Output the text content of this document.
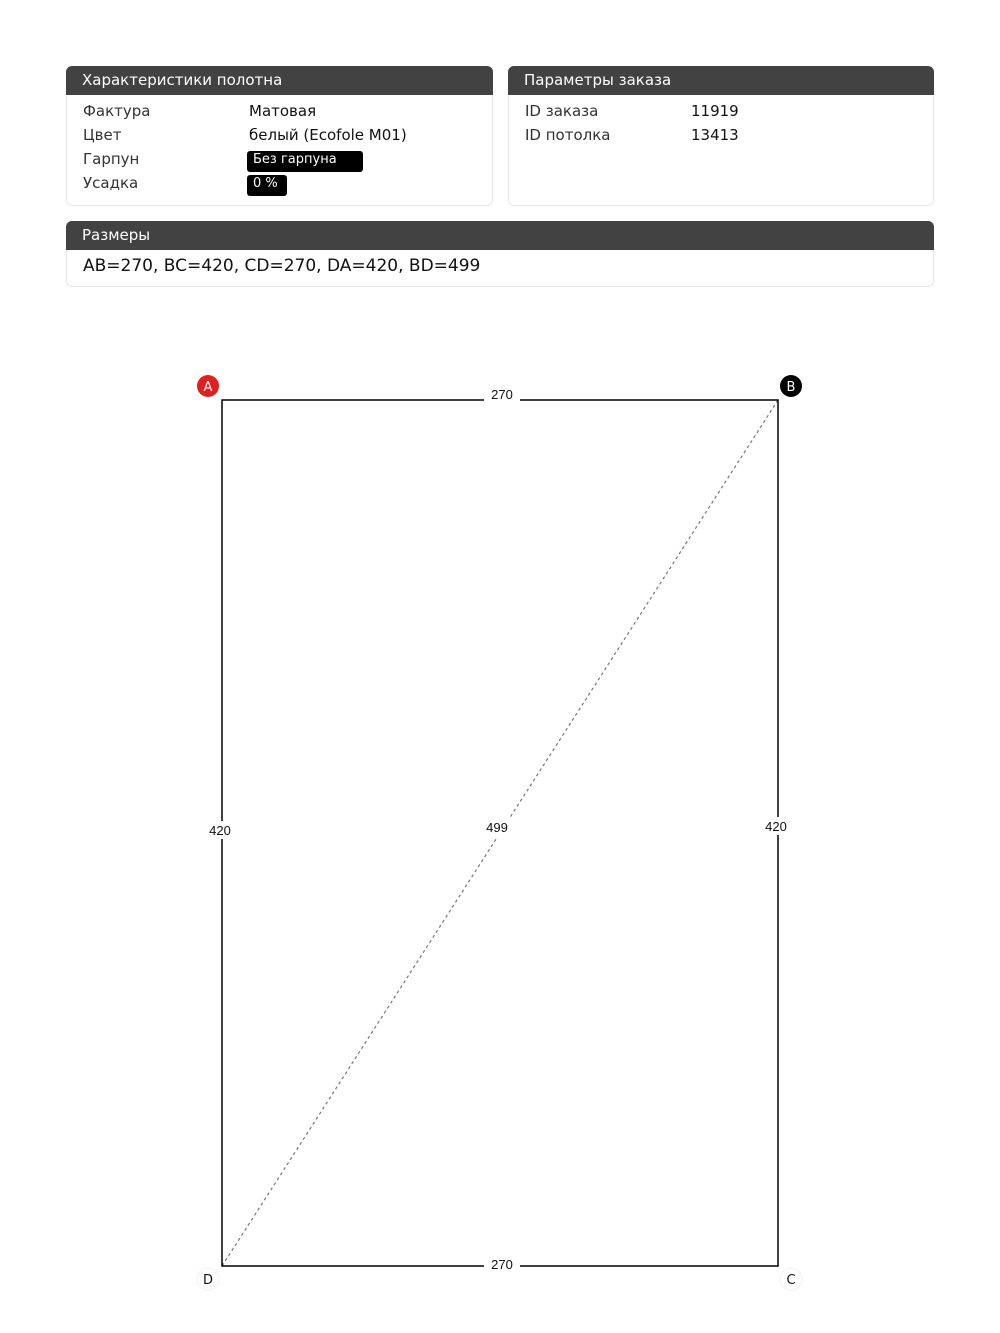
Характеристики полотна
Фактура	Матовая
Цвет	белый (Ecofole M01)
Гарпун	Без гарпуна
Усадка	0 %
Параметры заказа
ID заказа	11919
ID потолка	13413
Размеры
AB=270, BC=420, CD=270, DA=420, BD=499
270
270
420	420
499
A	B
C
D
